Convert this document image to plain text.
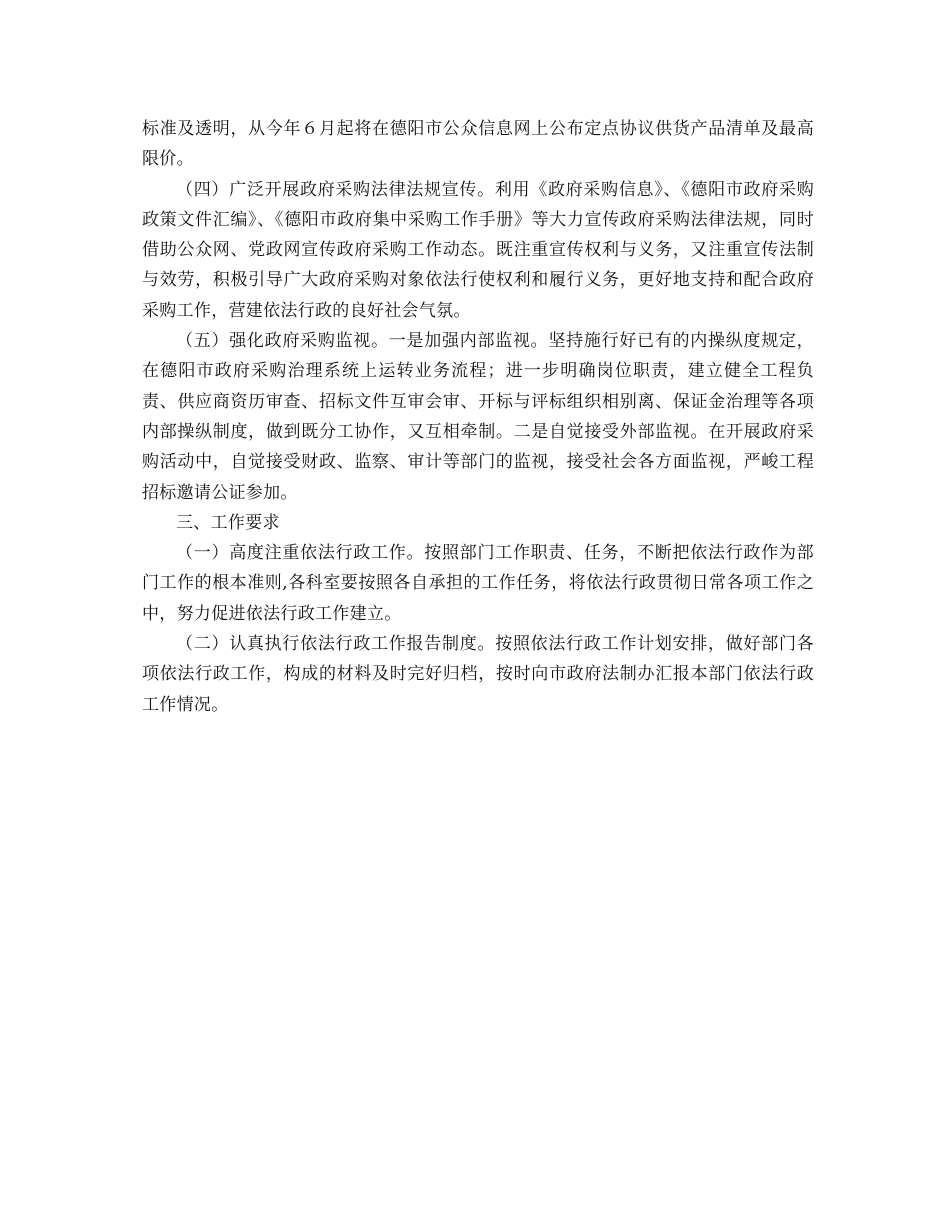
标准及透明，从今年６月起将在德阳市公众信息网上公布定点协议供货产品清单及最高限价。

（四）广泛开展政府采购法律法规宣传。利用《政府采购信息》、《德阳市政府采购政策文件汇编》、《德阳市政府集中采购工作手册》等大力宣传政府采购法律法规，同时借助公众网、党政网宣传政府采购工作动态。既注重宣传权利与义务，又注重宣传法制与效劳，积极引导广大政府采购对象依法行使权利和履行义务，更好地支持和配合政府采购工作，营建依法行政的良好社会气氛。

（五）强化政府采购监视。一是加强内部监视。坚持施行好已有的内操纵度规定，在德阳市政府采购治理系统上运转业务流程；进一步明确岗位职责，建立健全工程负责、供应商资历审查、招标文件互审会审、开标与评标组织相别离、保证金治理等各项内部操纵制度，做到既分工协作，又互相牵制。二是自觉接受外部监视。在开展政府采购活动中，自觉接受财政、监察、审计等部门的监视，接受社会各方面监视，严峻工程招标邀请公证参加。

三、工作要求

（一）高度注重依法行政工作。按照部门工作职责、任务，不断把依法行政作为部门工作的根本准则,各科室要按照各自承担的工作任务，将依法行政贯彻日常各项工作之中，努力促进依法行政工作建立。

（二）认真执行依法行政工作报告制度。按照依法行政工作计划安排，做好部门各项依法行政工作，构成的材料及时完好归档，按时向市政府法制办汇报本部门依法行政工作情况。
